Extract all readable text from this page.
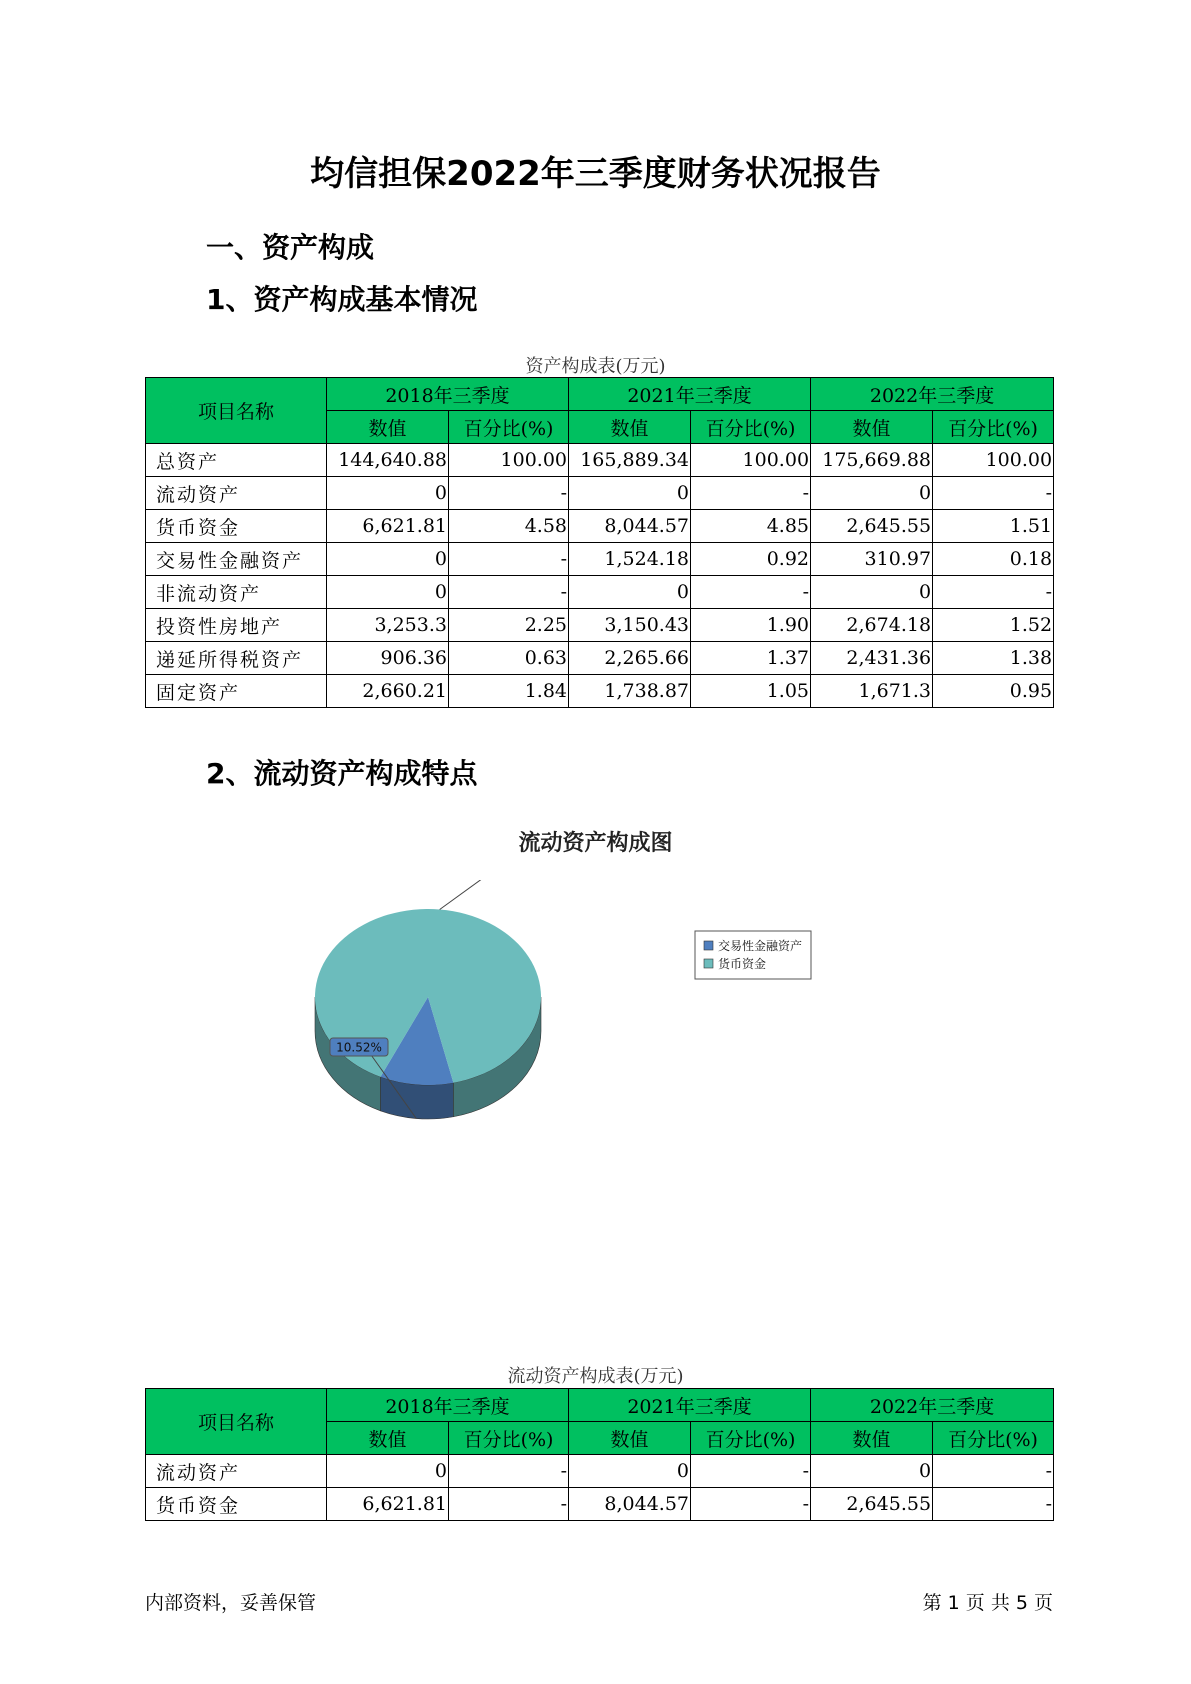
均信担保2022年三季度财务状况报告
一、资产构成
1、资产构成基本情况
资产构成表(万元)
项目名称	2018年三季度		2021年三季度		2022年三季度	
	数值	百分比(%)	数值	百分比(%)	数值	百分比(%)
总资产	144,640.88	100.00	165,889.34	100.00	175,669.88	100.00
流动资产	0	-	0	-	0	-
货币资金	6,621.81	4.58	8,044.57	4.85	2,645.55	1.51
交易性金融资产	0	-	1,524.18	0.92	310.97	0.18
非流动资产	0	-	0	-	0	-
投资性房地产	3,253.3	2.25	3,150.43	1.90	2,674.18	1.52
递延所得税资产	906.36	0.63	2,265.66	1.37	2,431.36	1.38
固定资产	2,660.21	1.84	1,738.87	1.05	1,671.3	0.95
2、流动资产构成特点
流动资产构成图
10.52%
交易性金融资产
货币资金
流动资产构成表(万元)
项目名称	2018年三季度		2021年三季度		2022年三季度	
	数值	百分比(%)	数值	百分比(%)	数值	百分比(%)
流动资产	0	-	0	-	0	-
货币资金	6,621.81	-	8,044.57	-	2,645.55	-
内部资料，妥善保管	第 1 页 共 5 页
